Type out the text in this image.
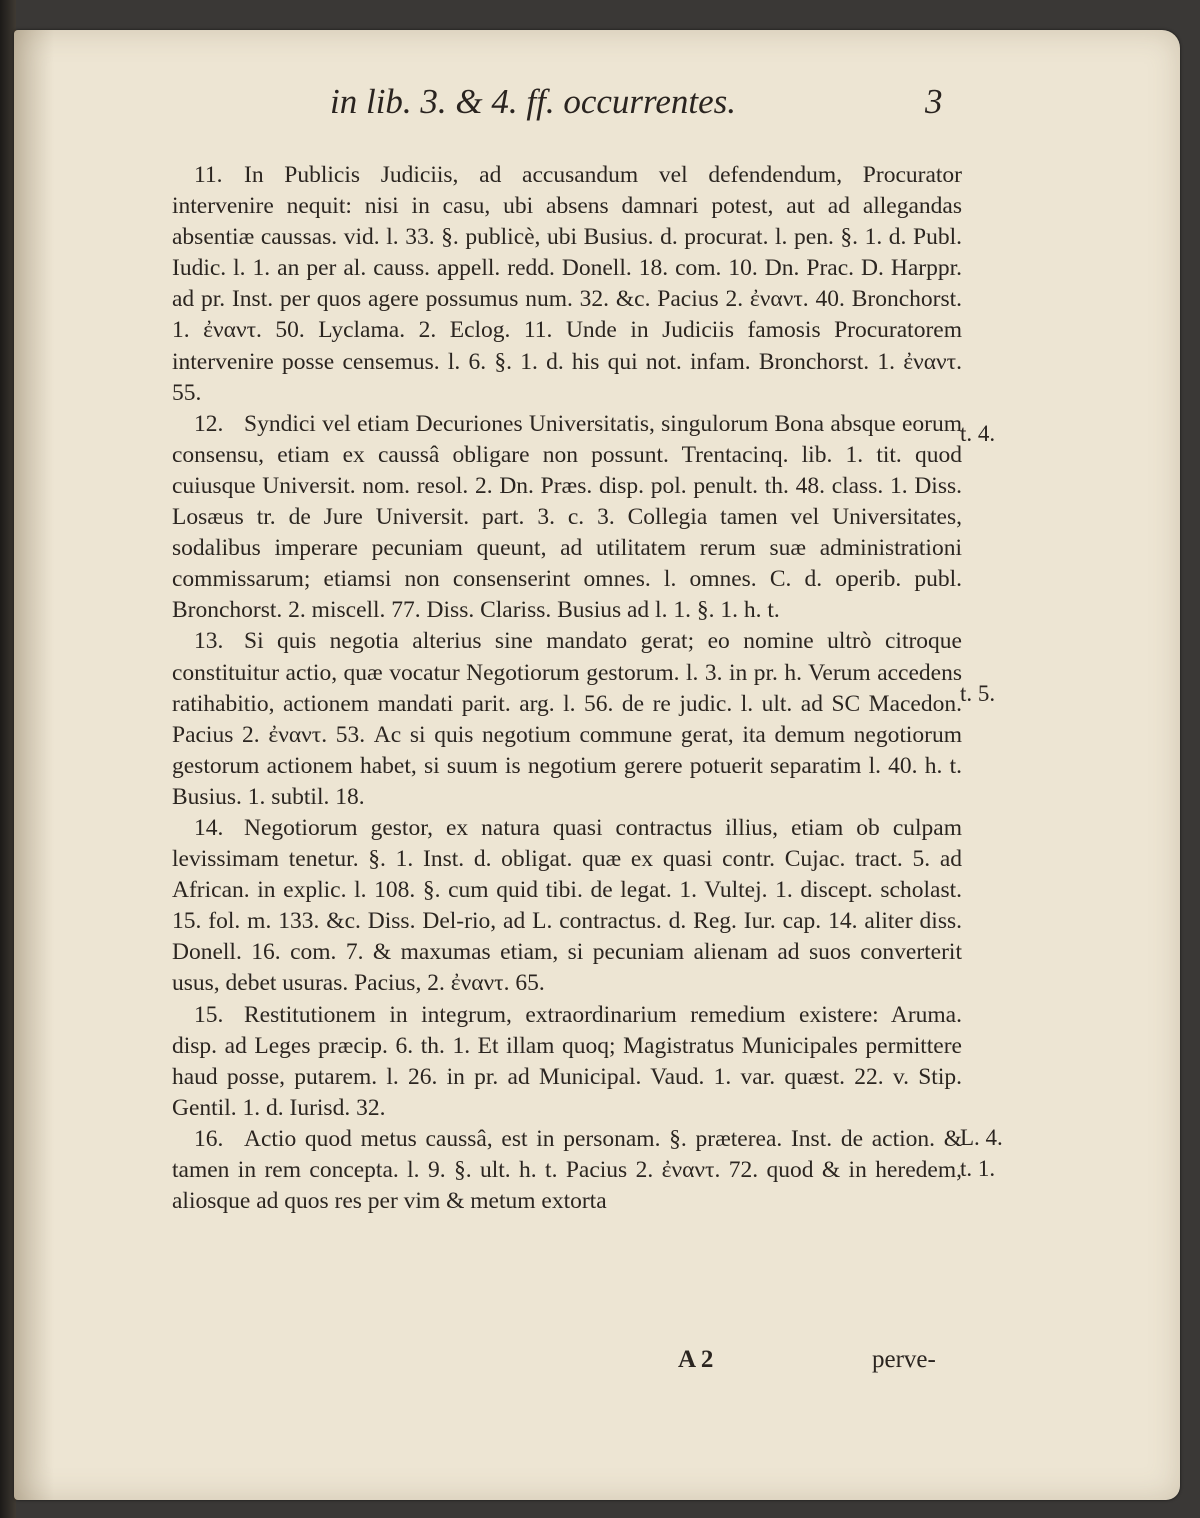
in lib. 3. & 4. ff. occurrentes.	3

11. In Publicis Judiciis, ad accusandum vel defendendum, Procurator intervenire nequit: nisi in casu, ubi absens damnari potest, aut ad allegandas absentiæ caussas. vid. l. 33. §. publicè, ubi Busius. d. procurat. l. pen. §. 1. d. Publ. Iudic. l. 1. an per al. causs. appell. redd. Donell. 18. com. 10. Dn. Prac. D. Harppr. ad pr. Inst. per quos agere possumus num. 32. &c. Pacius 2. ἐναντ. 40. Bronchorst. 1. ἐναντ. 50. Lyclama. 2. Eclog. 11. Unde in Judiciis famosis Procuratorem intervenire posse censemus. l. 6. §. 1. d. his qui not. infam. Bronchorst. 1. ἐναντ. 55.

12. Syndici vel etiam Decuriones Universitatis, singulorum Bona absque eorum consensu, etiam ex caussâ obligare non possunt. Trentacinq. lib. 1. tit. quod cuiusque Universit. nom. resol. 2. Dn. Præs. disp. pol. penult. th. 48. class. 1. Diss. Losæus tr. de Jure Universit. part. 3. c. 3. Collegia tamen vel Universitates, sodalibus imperare pecuniam queunt, ad utilitatem rerum suæ administrationi commissarum; etiamsi non consenserint omnes. l. omnes. C. d. operib. publ. Bronchorst. 2. miscell. 77. Diss. Clariss. Busius ad l. 1. §. 1. h. t.

13. Si quis negotia alterius sine mandato gerat; eo nomine ultrò citroque constituitur actio, quæ vocatur Negotiorum gestorum. l. 3. in pr. h. Verum accedens ratihabitio, actionem mandati parit. arg. l. 56. de re judic. l. ult. ad SC Macedon. Pacius 2. ἐναντ. 53. Ac si quis negotium commune gerat, ita demum negotiorum gestorum actionem habet, si suum is negotium gerere potuerit separatim l. 40. h. t. Busius. 1. subtil. 18.

14. Negotiorum gestor, ex natura quasi contractus illius, etiam ob culpam levissimam tenetur. §. 1. Inst. d. obligat. quæ ex quasi contr. Cujac. tract. 5. ad African. in explic. l. 108. §. cum quid tibi. de legat. 1. Vultej. 1. discept. scholast. 15. fol. m. 133. &c. Diss. Del-rio, ad L. contractus. d. Reg. Iur. cap. 14. aliter diss. Donell. 16. com. 7. & maxumas etiam, si pecuniam alienam ad suos converterit usus, debet usuras. Pacius, 2. ἐναντ. 65.

15. Restitutionem in integrum, extraordinarium remedium existere: Aruma. disp. ad Leges præcip. 6. th. 1. Et illam quoq; Magistratus Municipales permittere haud posse, putarem. l. 26. in pr. ad Municipal. Vaud. 1. var. quæst. 22. v. Stip. Gentil. 1. d. Iurisd. 32.

16. Actio quod metus caussâ, est in personam. §. præterea. Inst. de action. & tamen in rem concepta. l. 9. §. ult. h. t. Pacius 2. ἐναντ. 72. quod & in heredem, aliosque ad quos res per vim & metum extorta

t. 4.
t. 5.
L. 4.
t. 1.
A 2	perve-
